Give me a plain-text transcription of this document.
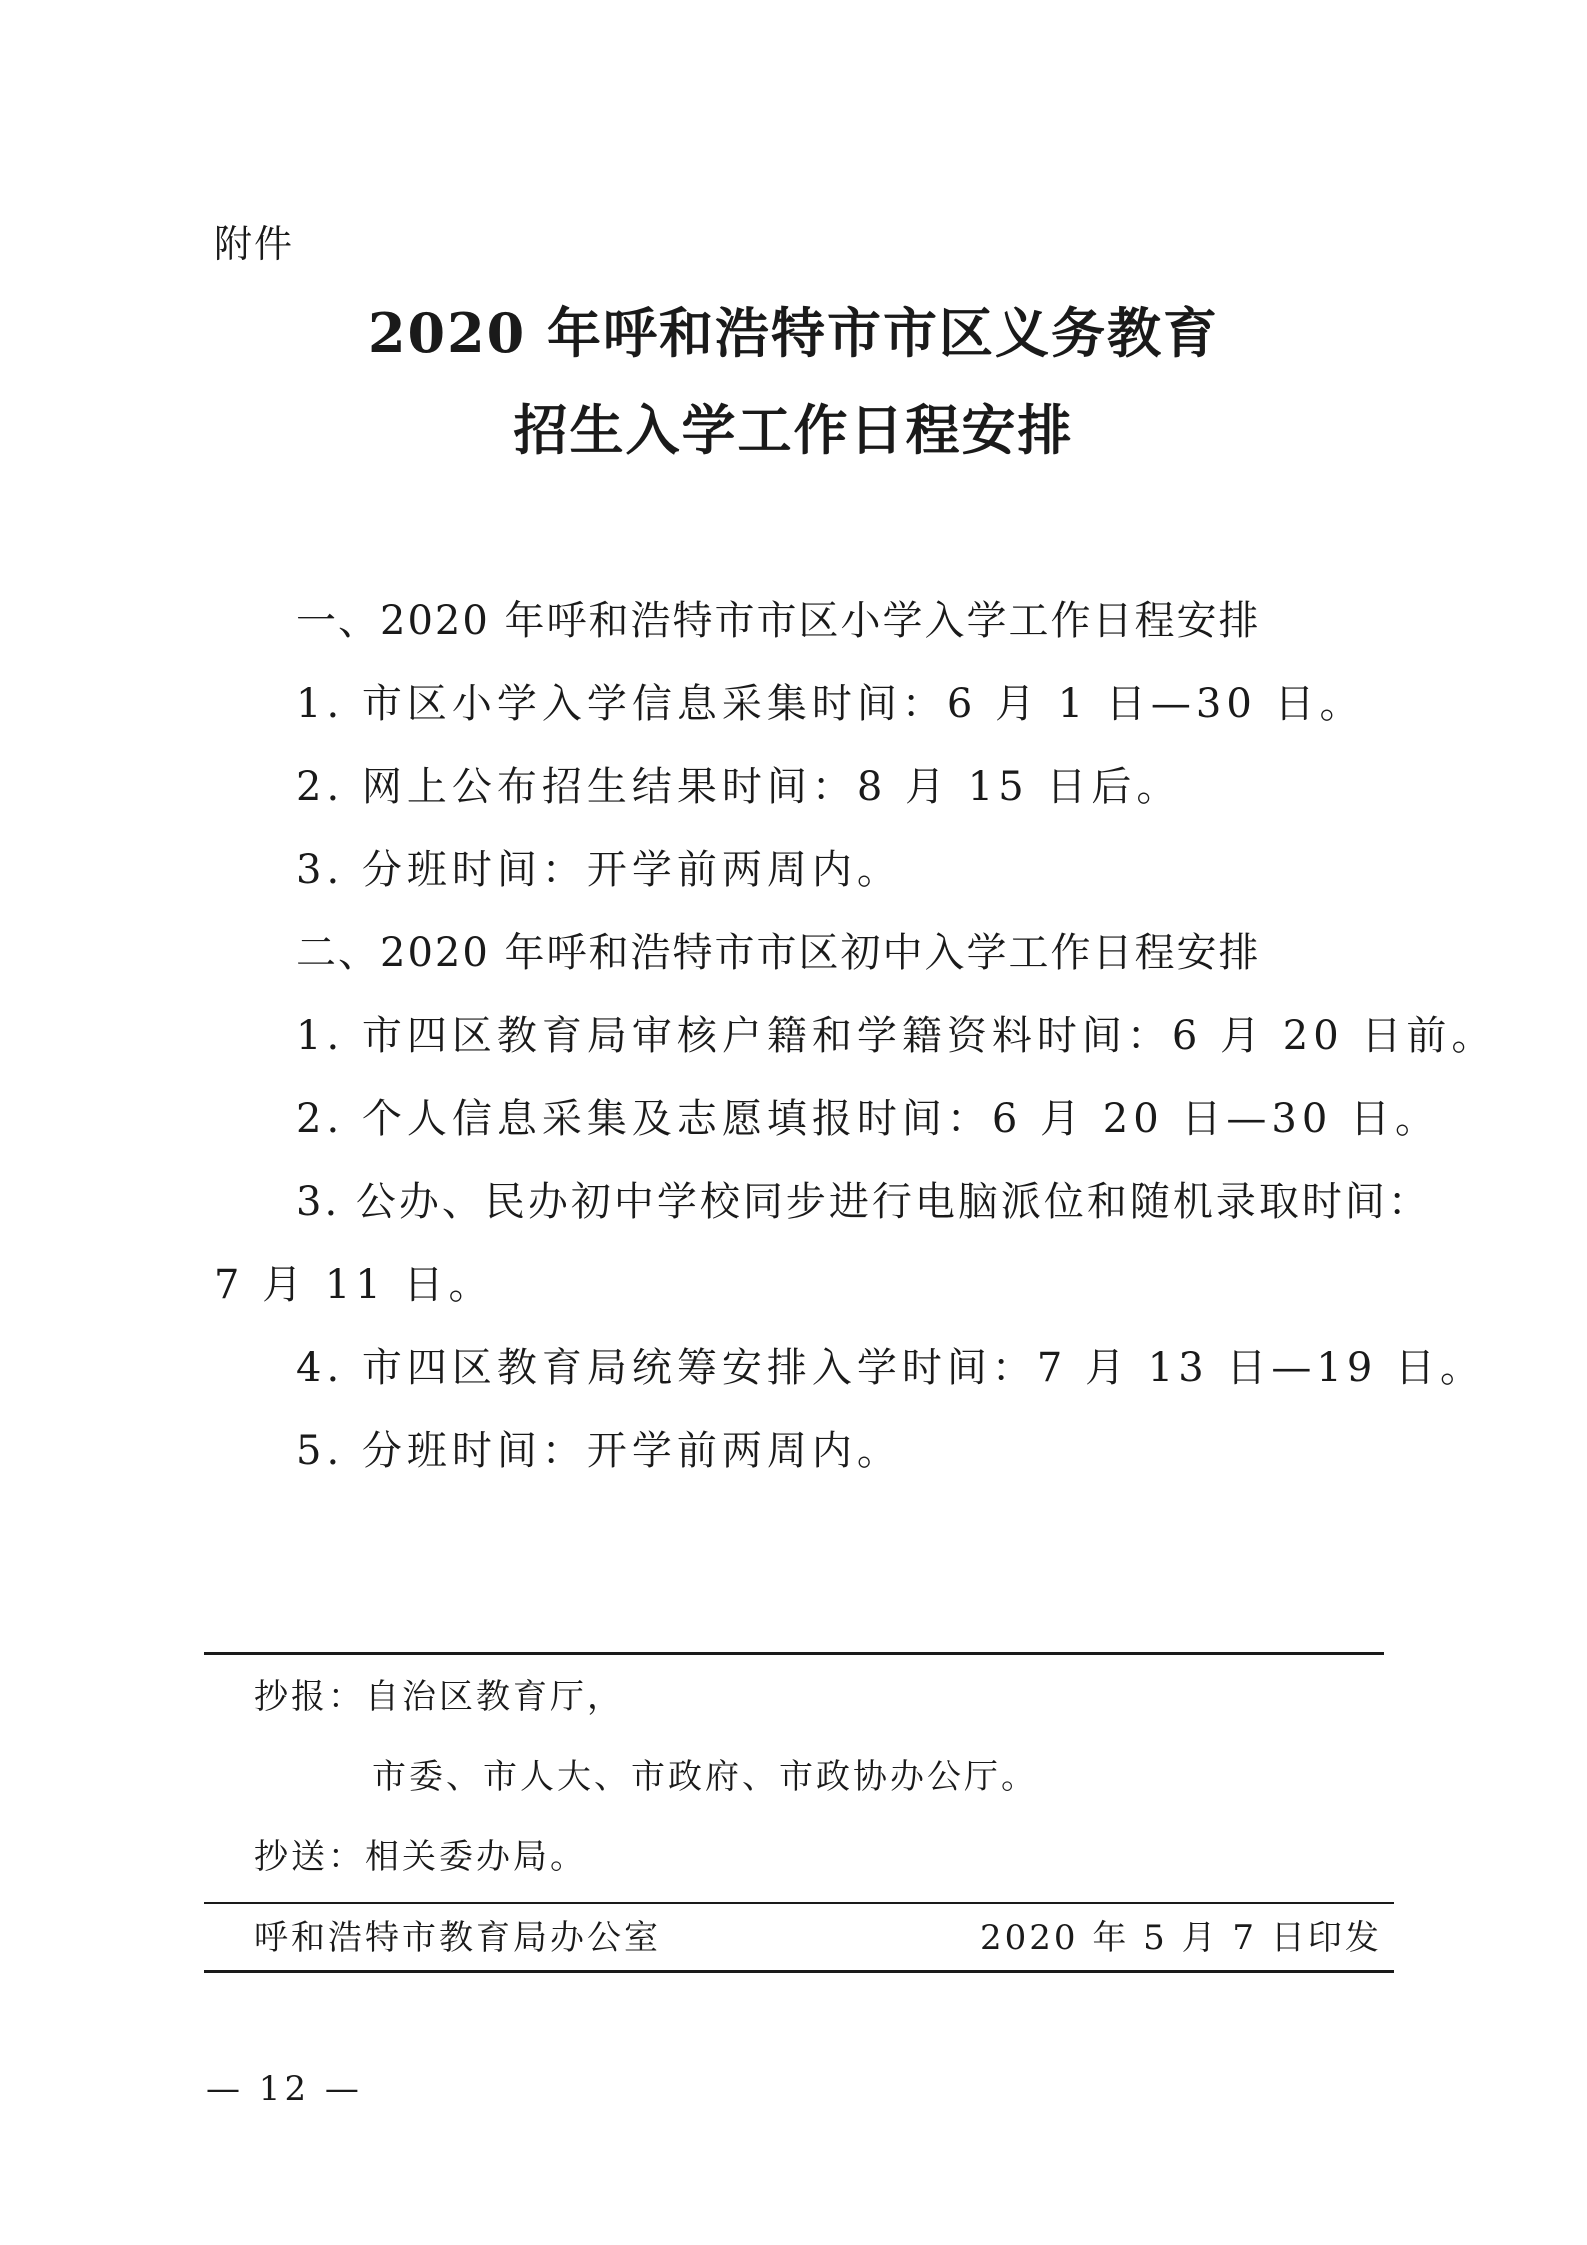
附件
2020 年呼和浩特市市区义务教育
招生入学工作日程安排
一、2020 年呼和浩特市市区小学入学工作日程安排
1. 市区小学入学信息采集时间：6 月 1 日—30 日。
2. 网上公布招生结果时间：8 月 15 日后。
3. 分班时间：开学前两周内。
二、2020 年呼和浩特市市区初中入学工作日程安排
1. 市四区教育局审核户籍和学籍资料时间：6 月 20 日前。
2. 个人信息采集及志愿填报时间：6 月 20 日—30 日。
3. 公办、民办初中学校同步进行电脑派位和随机录取时间：
7 月 11 日。
4. 市四区教育局统筹安排入学时间：7 月 13 日—19 日。
5. 分班时间：开学前两周内。
抄报：自治区教育厅，
市委、市人大、市政府、市政协办公厅。
抄送：相关委办局。
呼和浩特市教育局办公室	2020 年 5 月 7 日印发
— 12 —
